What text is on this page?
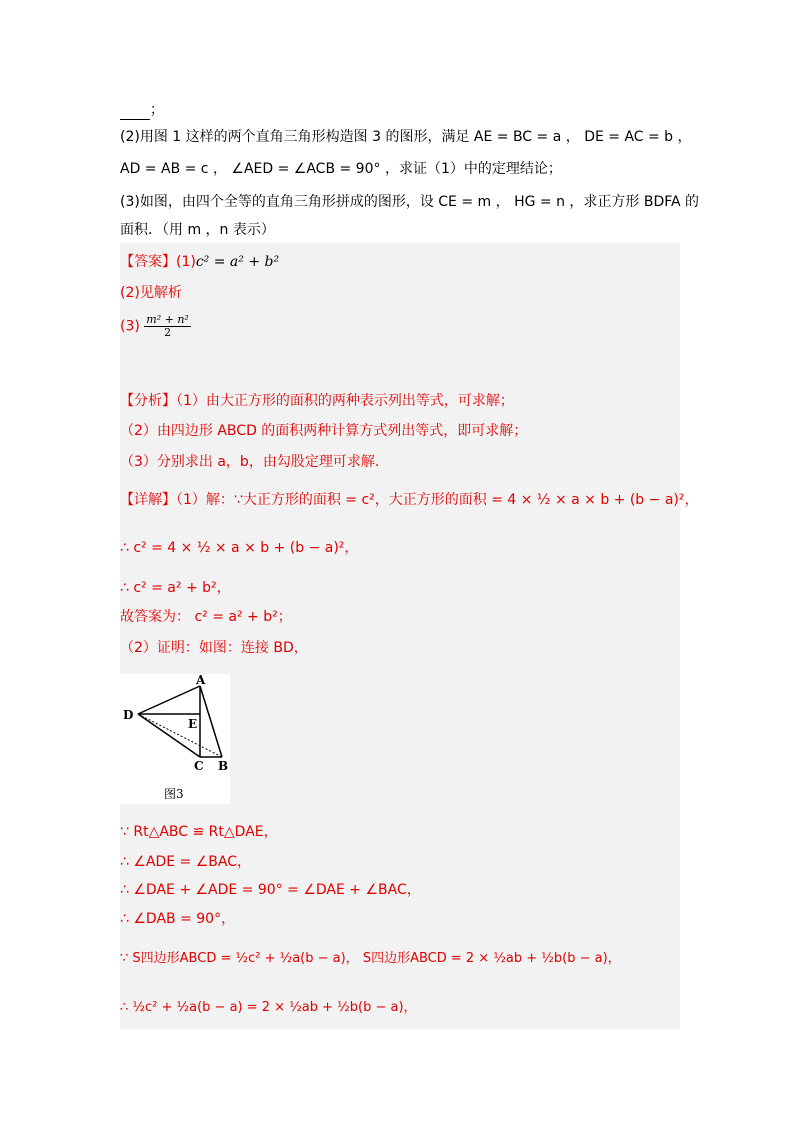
；
(2)用图 1 这样的两个直角三角形构造图 3 的图形，满足 AE = BC = a ， DE = AC = b ，
AD = AB = c ， ∠AED = ∠ACB = 90° ，求证（1）中的定理结论；
(3)如图，由四个全等的直角三角形拼成的图形，设 CE = m ， HG = n ，求正方形 BDFA 的
面积．（用 m ，n 表示）
【答案】(1)c² = a² + b²
(2)见解析
$(3) \frac{\text{m² + n²}}{2}$
【分析】（1）由大正方形的面积的两种表示列出等式，可求解；
（2）由四边形 ABCD 的面积两种计算方式列出等式，即可求解；
（3）分别求出 a，b，由勾股定理可求解.
【详解】（1）解：∵大正方形的面积 = c²，大正方形的面积 = 4 × ½ × a × b + (b − a)²，
∴ c² = 4 × ½ × a × b + (b − a)²，
∴ c² = a² + b²，
故答案为： c² = a² + b²；
（2）证明：如图：连接 BD，
A
D
E
C B
图3
∵ Rt△ABC ≌ Rt△DAE，
∴ ∠ADE = ∠BAC，
∴ ∠DAE + ∠ADE = 90° = ∠DAE + ∠BAC，
∴ ∠DAB = 90°，
∵ S四边形ABCD = ½c² + ½a(b − a)， S四边形ABCD = 2 × ½ab + ½b(b − a)，
∴ ½c² + ½a(b − a) = 2 × ½ab + ½b(b − a)，
